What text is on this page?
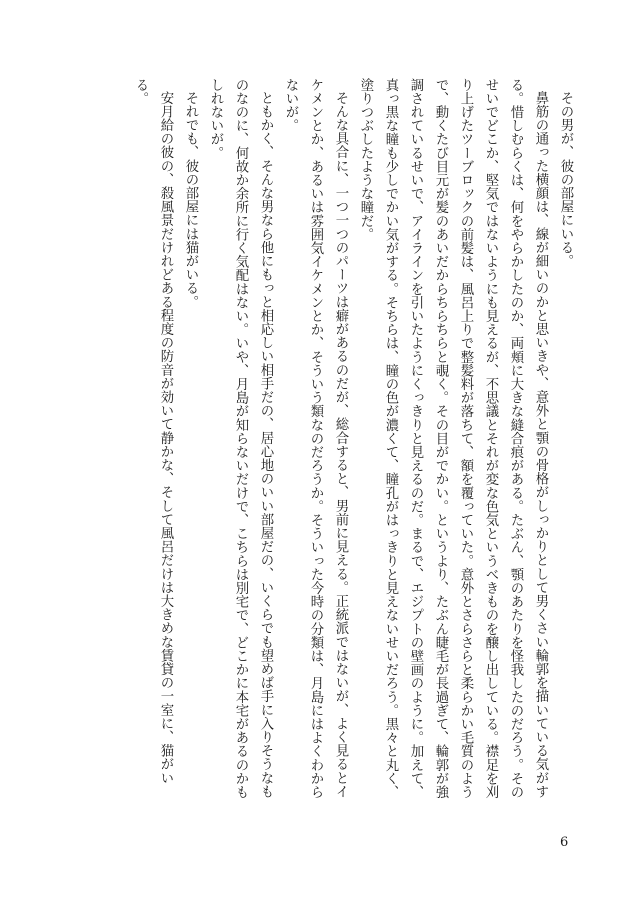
その男が、彼の部屋にいる。

鼻筋の通った横顔は、線が細いのかと思いきや、意外と顎の骨格がしっかりとして男くさい輪郭を描いている気がする。惜しむらくは、何をやらかしたのか、両頬に大きな縫合痕がある。たぶん、顎のあたりを怪我したのだろう。そのせいでどこか、堅気ではないようにも見えるが、不思議とそれが変な色気というべきものを醸し出している。襟足を刈り上げたツーブロックの前髪は、風呂上りで整髪料が落ちて、額を覆っていた。意外とさらさらと柔らかい毛質のようで、動くたび目元が髪のあいだからちらちらと覗く。その目がでかい。というより、たぶん睫毛が長過ぎて、輪郭が強調されているせいで、アイラインを引いたようにくっきりと見えるのだ。まるで、エジプトの壁画のように。加えて、真っ黒な瞳も少しでかい気がする。そちらは、瞳の色が濃くて、瞳孔がはっきりと見えないせいだろう。黒々と丸く、塗りつぶしたような瞳だ。

そんな具合に、一つ一つのパーツは癖があるのだが、総合すると、男前に見える。正統派ではないが、よく見るとイケメンとか、あるいは雰囲気イケメンとか、そういう類なのだろうか。そういった今時の分類は、月島にはよくわからないが。

ともかく、そんな男なら他にもっと相応しい相手だの、居心地のいい部屋だの、いくらでも望めば手に入りそうなものなのに、何故か余所に行く気配はない。いや、月島が知らないだけで、こちらは別宅で、どこかに本宅があるのかもしれないが。

それでも、彼の部屋には猫がいる。

安月給の彼の、殺風景だけれどある程度の防音が効いて静かな、そして風呂だけは大きめな賃貸の一室に、猫がいる。

6
